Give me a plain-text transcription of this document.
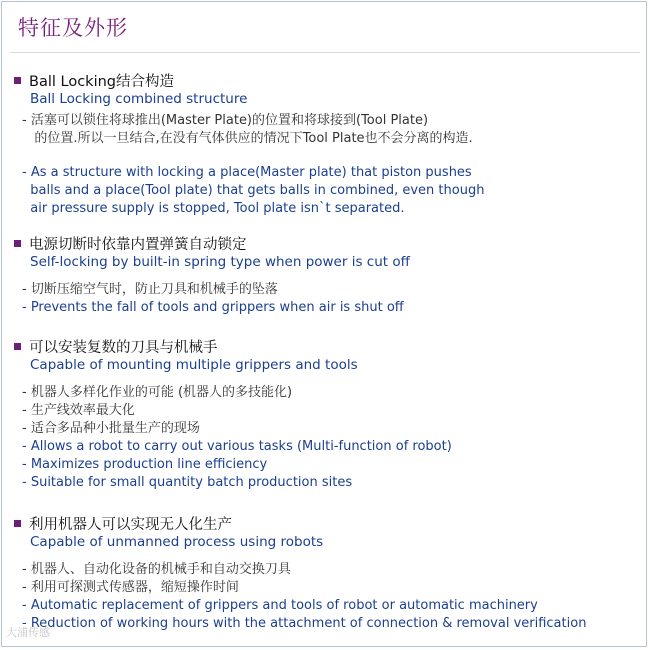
特征及外形
Ball Locking结合构造
Ball Locking combined structure
- 活塞可以锁住将球推出(Master Plate)的位置和将球接到(Tool Plate)
的位置.所以一旦结合,在没有气体供应的情况下Tool Plate也不会分离的构造.
- As a structure with locking a place(Master plate) that piston pushes
balls and a place(Tool plate) that gets balls in combined, even though
air pressure supply is stopped, Tool plate isn`t separated.
电源切断时依靠内置弹簧自动锁定
Self-locking by built-in spring type when power is cut off
- 切断压缩空气时，防止刀具和机械手的坠落
- Prevents the fall of tools and grippers when air is shut off
可以安装复数的刀具与机械手
Capable of mounting multiple grippers and tools
- 机器人多样化作业的可能 (机器人的多技能化)
- 生产线效率最大化
- 适合多品种小批量生产的现场
- Allows a robot to carry out various tasks (Multi-function of robot)
- Maximizes production line efficiency
- Suitable for small quantity batch production sites
利用机器人可以实现无人化生产
Capable of unmanned process using robots
- 机器人、自动化设备的机械手和自动交换刀具
- 利用可探测式传感器，缩短操作时间
- Automatic replacement of grippers and tools of robot or automatic machinery
- Reduction of working hours with the attachment of connection & removal verification
大浦传感
